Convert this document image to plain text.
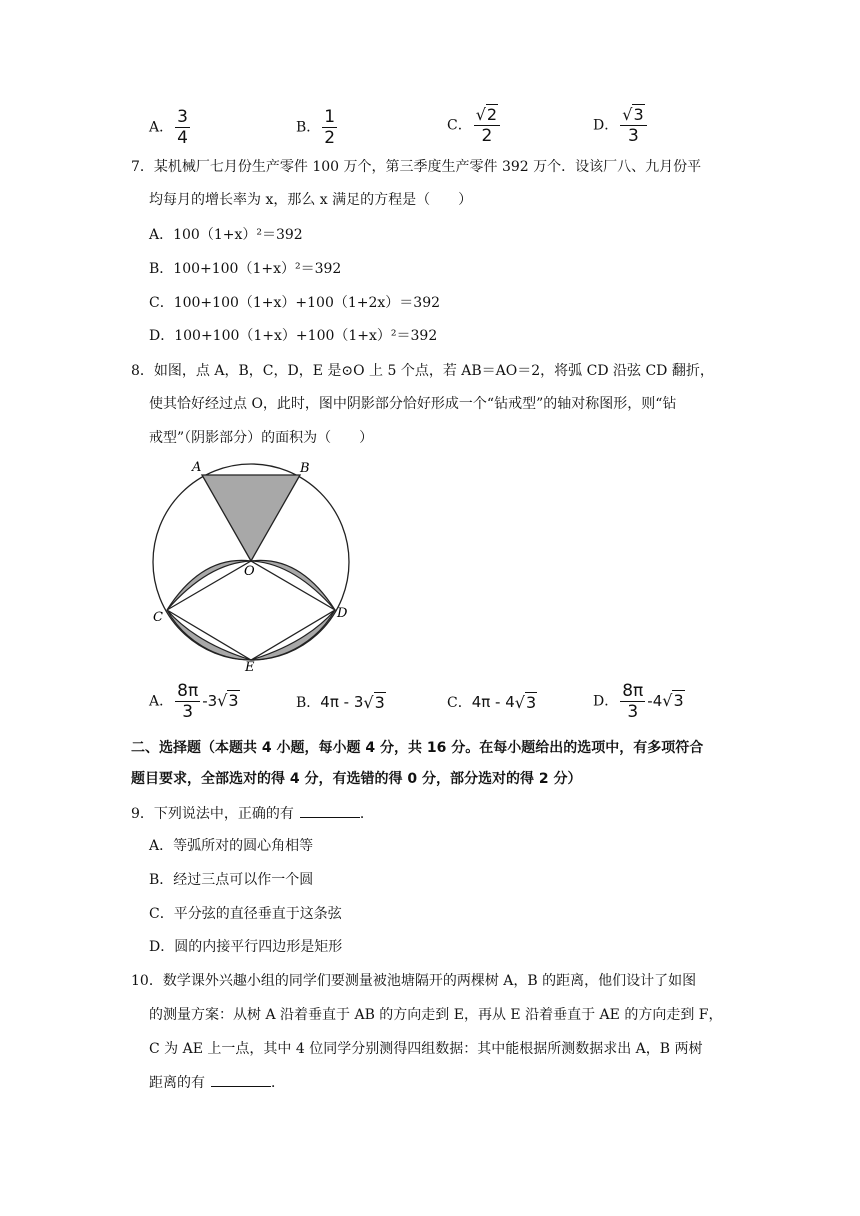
A． $\frac{3}{4}$	B． $\frac{1}{2}$	C． $\frac{√2}{2}$	D． $\frac{√3}{3}$
7．某机械厂七月份生产零件 100 万个，第三季度生产零件 392 万个．设该厂八、九月份平
均每月的增长率为 x，那么 x 满足的方程是（　　）
A．100（1+x）²＝392
B．100+100（1+x）²＝392
C．100+100（1+x）+100（1+2x）＝392
D．100+100（1+x）+100（1+x）²＝392
8．如图，点 A，B，C，D，E 是⊙O 上 5 个点，若 AB＝AO＝2，将弧 CD 沿弦 CD 翻折，
使其恰好经过点 O，此时，图中阴影部分恰好形成一个“钻戒型”的轴对称图形，则“钻
戒型”（阴影部分）的面积为（　　）
A	B
O
C	D
E
A． $\frac{8\pi}{3} -3$ √3	B． 4π - 3 √3	C． 4π - 4 √3	D． $\frac{8\pi}{3} -4$ √3
二、选择题（本题共 4 小题，每小题 4 分，共 16 分。在每小题给出的选项中，有多项符合
题目要求，全部选对的得 4 分，有选错的得 0 分，部分选对的得 2 分）
9．下列说法中，正确的有	．
A．等弧所对的圆心角相等
B．经过三点可以作一个圆
C．平分弦的直径垂直于这条弦
D．圆的内接平行四边形是矩形
10．数学课外兴趣小组的同学们要测量被池塘隔开的两棵树 A，B 的距离，他们设计了如图
的测量方案：从树 A 沿着垂直于 AB 的方向走到 E，再从 E 沿着垂直于 AE 的方向走到 F，
C 为 AE 上一点，其中 4 位同学分别测得四组数据：其中能根据所测数据求出 A，B 两树
距离的有	．
